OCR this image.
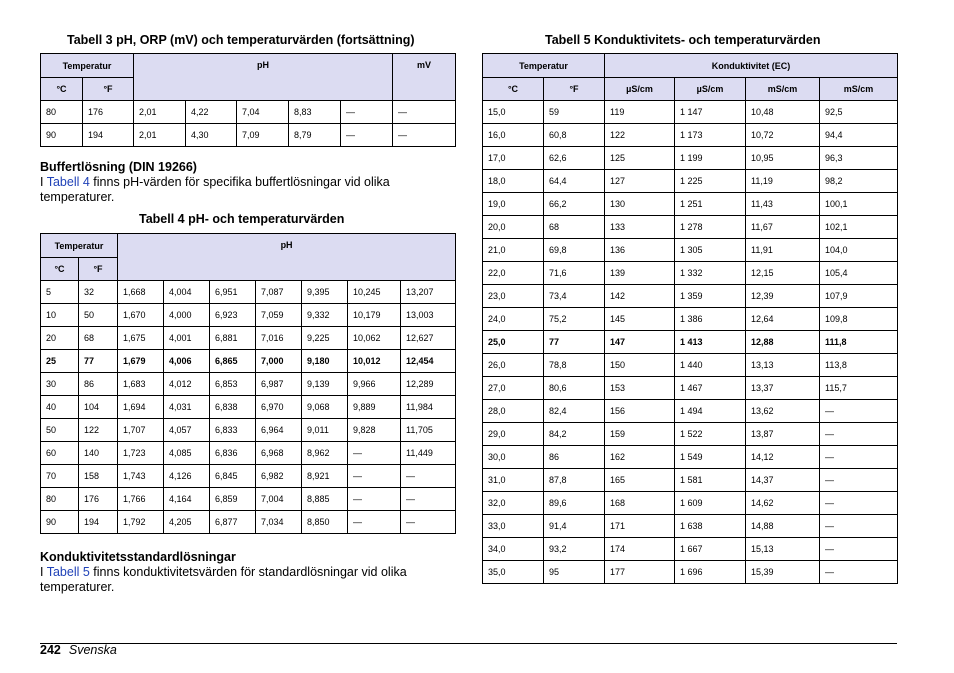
Tabell 3 pH, ORP (mV) och temperaturvärden (fortsättning)
Temperatur		pH					mV
°C	°F						
80	176	2,01	4,22	7,04	8,83	—	—
90	194	2,01	4,30	7,09	8,79	—	—
Buffertlösning (DIN 19266)
I Tabell 4 finns pH-värden för specifika buffertlösningar vid olika temperaturer.
Tabell 4 pH- och temperaturvärden
Temperatur		pH						
°C	°F							
5	32	1,668	4,004	6,951	7,087	9,395	10,245	13,207
10	50	1,670	4,000	6,923	7,059	9,332	10,179	13,003
20	68	1,675	4,001	6,881	7,016	9,225	10,062	12,627
25	77	1,679	4,006	6,865	7,000	9,180	10,012	12,454
30	86	1,683	4,012	6,853	6,987	9,139	9,966	12,289
40	104	1,694	4,031	6,838	6,970	9,068	9,889	11,984
50	122	1,707	4,057	6,833	6,964	9,011	9,828	11,705
60	140	1,723	4,085	6,836	6,968	8,962	—	11,449
70	158	1,743	4,126	6,845	6,982	8,921	—	—
80	176	1,766	4,164	6,859	7,004	8,885	—	—
90	194	1,792	4,205	6,877	7,034	8,850	—	—
Konduktivitetsstandardlösningar
I Tabell 5 finns konduktivitetsvärden för standardlösningar vid olika temperaturer.
Tabell 5 Konduktivitets- och temperaturvärden
Temperatur		Konduktivitet (EC)			
°C	°F	µS/cm	µS/cm	mS/cm	mS/cm
15,0	59	119	1 147	10,48	92,5
16,0	60,8	122	1 173	10,72	94,4
17,0	62,6	125	1 199	10,95	96,3
18,0	64,4	127	1 225	11,19	98,2
19,0	66,2	130	1 251	11,43	100,1
20,0	68	133	1 278	11,67	102,1
21,0	69,8	136	1 305	11,91	104,0
22,0	71,6	139	1 332	12,15	105,4
23,0	73,4	142	1 359	12,39	107,9
24,0	75,2	145	1 386	12,64	109,8
25,0	77	147	1 413	12,88	111,8
26,0	78,8	150	1 440	13,13	113,8
27,0	80,6	153	1 467	13,37	115,7
28,0	82,4	156	1 494	13,62	—
29,0	84,2	159	1 522	13,87	—
30,0	86	162	1 549	14,12	—
31,0	87,8	165	1 581	14,37	—
32,0	89,6	168	1 609	14,62	—
33,0	91,4	171	1 638	14,88	—
34,0	93,2	174	1 667	15,13	—
35,0	95	177	1 696	15,39	—
242 Svenska
